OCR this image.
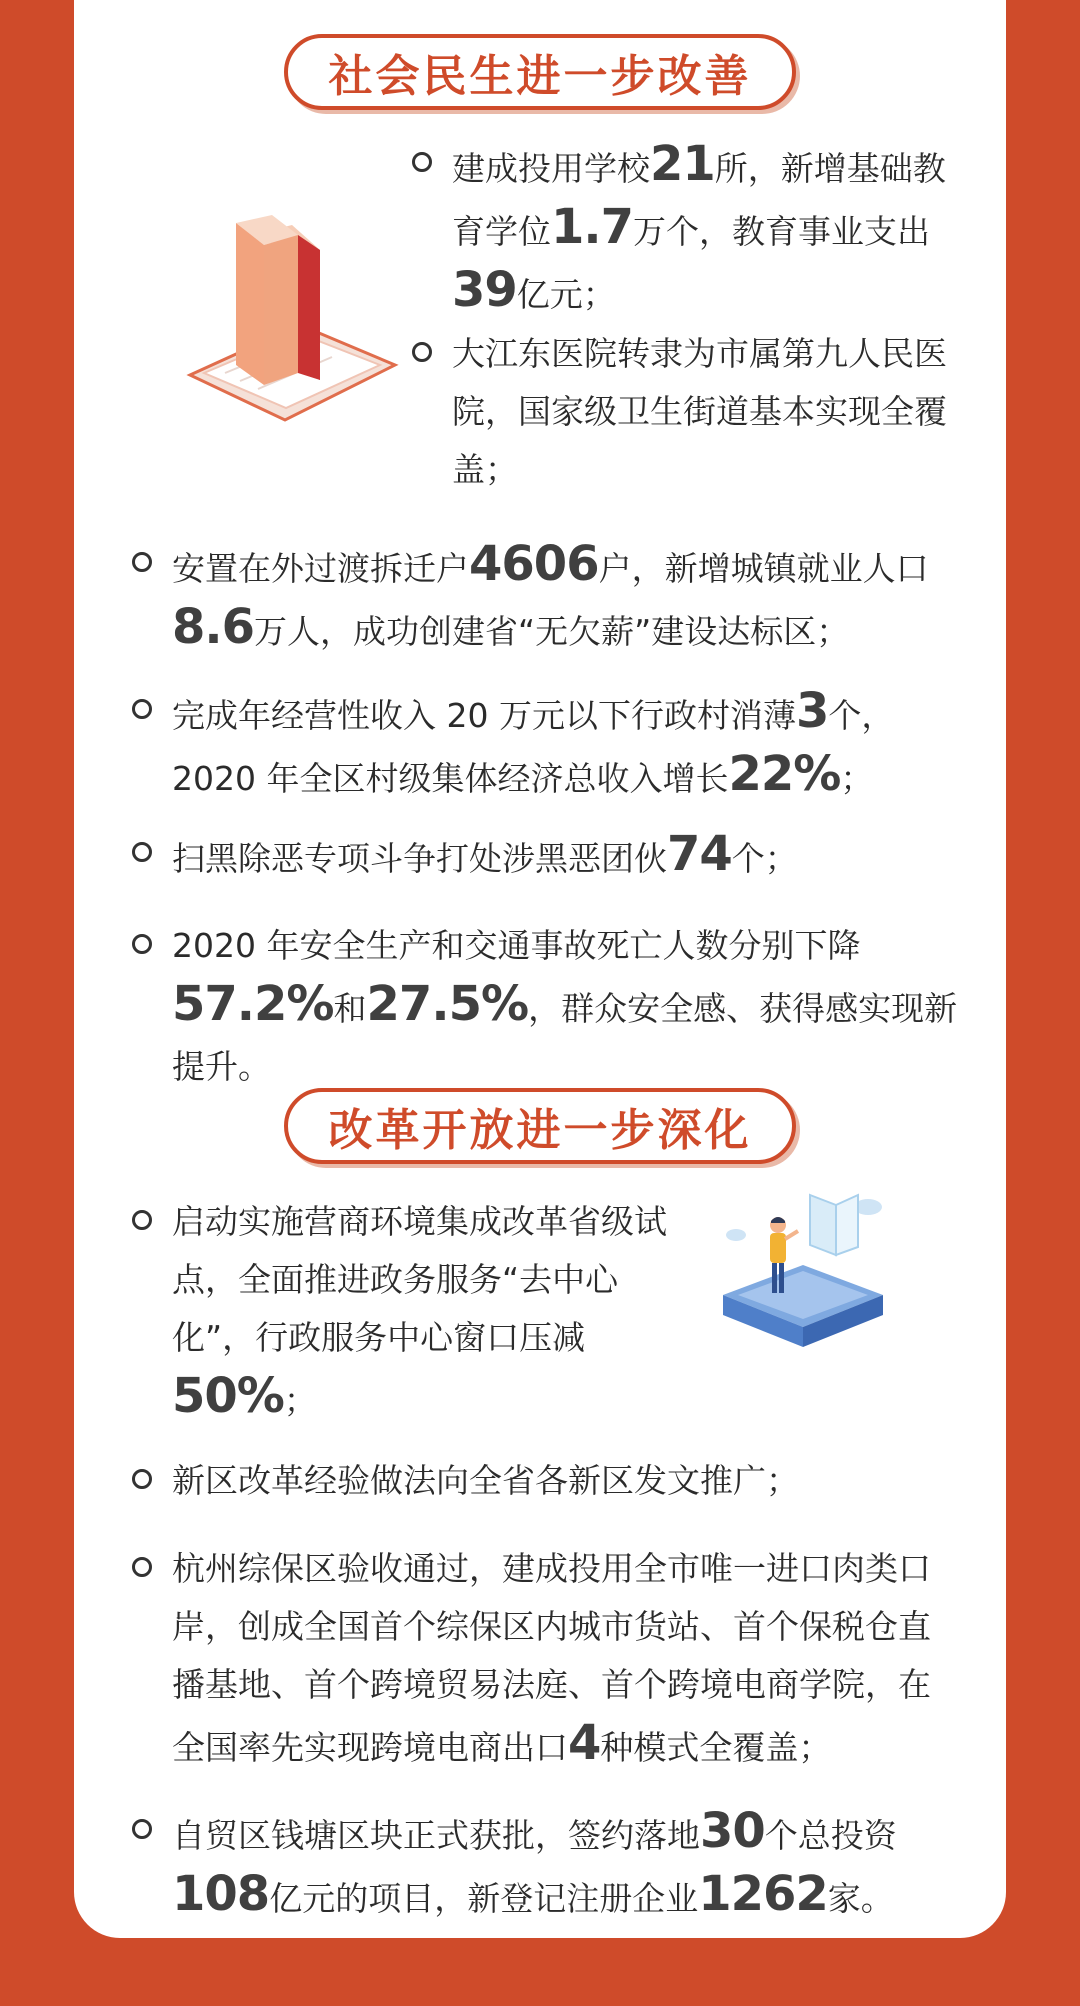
社会民生进一步改善
建成投用学校21所，新增基础教育学位1.7万个，教育事业支出39亿元；
大江东医院转隶为市属第九人民医院，国家级卫生街道基本实现全覆盖；
安置在外过渡拆迁户4606户，新增城镇就业人口8.6万人，成功创建省“无欠薪”建设达标区；
完成年经营性收入 20 万元以下行政村消薄3个，2020 年全区村级集体经济总收入增长22%；
扫黑除恶专项斗争打处涉黑恶团伙74个；
2020 年安全生产和交通事故死亡人数分别下降57.2%和27.5%，群众安全感、获得感实现新提升。
改革开放进一步深化
启动实施营商环境集成改革省级试点，全面推进政务服务“去中心化”，行政服务中心窗口压减50%；
新区改革经验做法向全省各新区发文推广；
杭州综保区验收通过，建成投用全市唯一进口肉类口岸，创成全国首个综保区内城市货站、首个保税仓直播基地、首个跨境贸易法庭、首个跨境电商学院，在全国率先实现跨境电商出口4种模式全覆盖；
自贸区钱塘区块正式获批，签约落地30个总投资108亿元的项目，新登记注册企业1262家。
